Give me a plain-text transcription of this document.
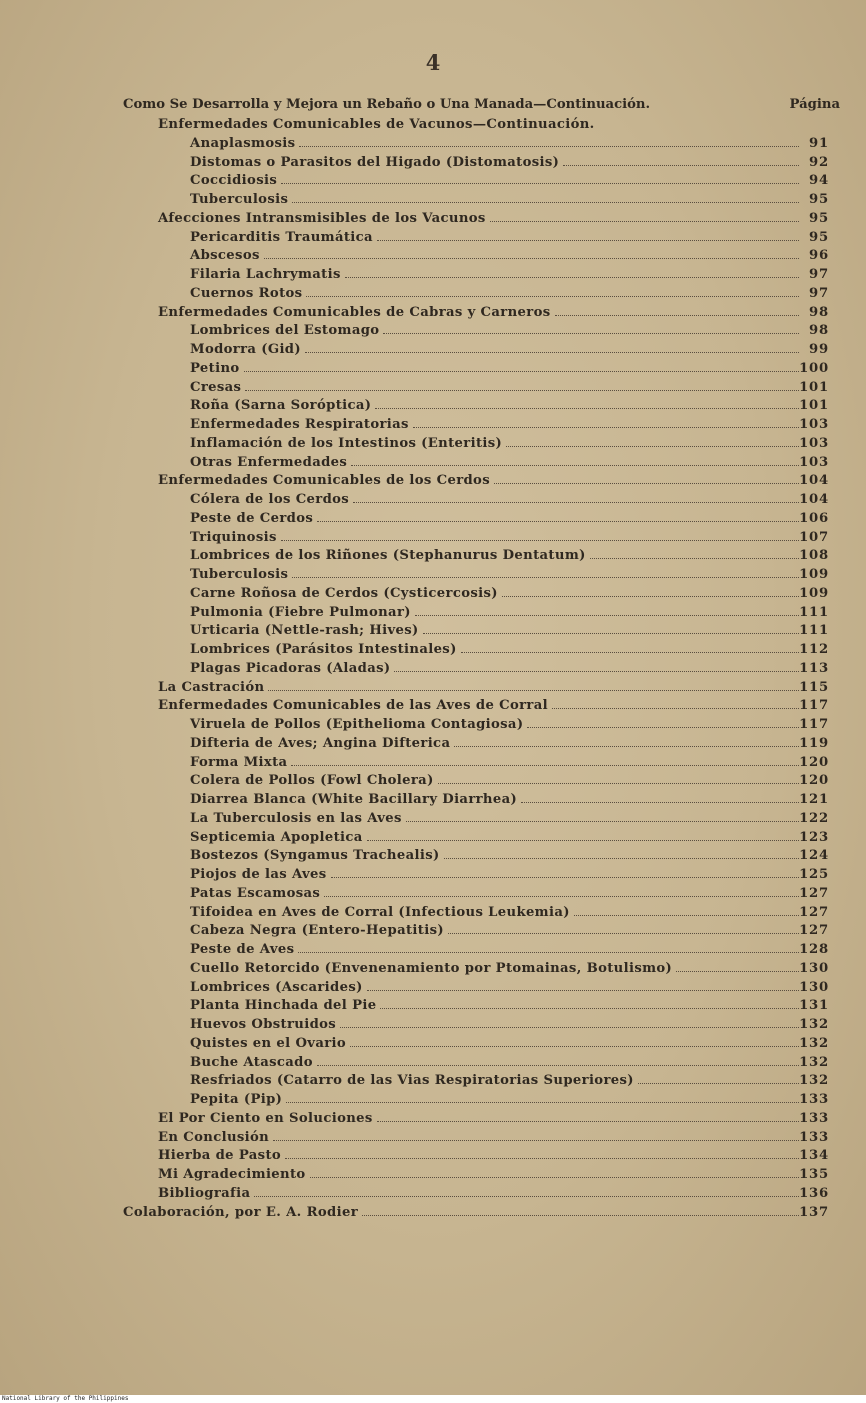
4
Como Se Desarrolla y Mejora un Rebaño o Una Manada—Continuación.	Página
Enfermedades Comunicables de Vacunos—Continuación.
Anaplasmosis	91
Distomas o Parasitos del Higado (Distomatosis)	92
Coccidiosis	94
Tuberculosis	95
Afecciones Intransmisibles de los Vacunos	95
Pericarditis Traumática	95
Abscesos	96
Filaria Lachrymatis	97
Cuernos Rotos	97
Enfermedades Comunicables de Cabras y Carneros	98
Lombrices del Estomago	98
Modorra (Gid)	99
Petino	100
Cresas	101
Roña (Sarna Soróptica)	101
Enfermedades Respiratorias	103
Inflamación de los Intestinos (Enteritis)	103
Otras Enfermedades	103
Enfermedades Comunicables de los Cerdos	104
Cólera de los Cerdos	104
Peste de Cerdos	106
Triquinosis	107
Lombrices de los Riñones (Stephanurus Dentatum)	108
Tuberculosis	109
Carne Roñosa de Cerdos (Cysticercosis)	109
Pulmonia (Fiebre Pulmonar)	111
Urticaria (Nettle-rash; Hives)	111
Lombrices (Parásitos Intestinales)	112
Plagas Picadoras (Aladas)	113
La Castración	115
Enfermedades Comunicables de las Aves de Corral	117
Viruela de Pollos (Epithelioma Contagiosa)	117
Difteria de Aves; Angina Difterica	119
Forma Mixta	120
Colera de Pollos (Fowl Cholera)	120
Diarrea Blanca (White Bacillary Diarrhea)	121
La Tuberculosis en las Aves	122
Septicemia Apopletica	123
Bostezos (Syngamus Trachealis)	124
Piojos de las Aves	125
Patas Escamosas	127
Tifoidea en Aves de Corral (Infectious Leukemia)	127
Cabeza Negra (Entero-Hepatitis)	127
Peste de Aves	128
Cuello Retorcido (Envenenamiento por Ptomainas, Botulismo)	130
Lombrices (Ascarides)	130
Planta Hinchada del Pie	131
Huevos Obstruidos	132
Quistes en el Ovario	132
Buche Atascado	132
Resfriados (Catarro de las Vias Respiratorias Superiores)	132
Pepita (Pip)	133
El Por Ciento en Soluciones	133
En Conclusión	133
Hierba de Pasto	134
Mi Agradecimiento	135
Bibliografia	136
Colaboración, por E. A. Rodier	137
National Library of the Philippines
